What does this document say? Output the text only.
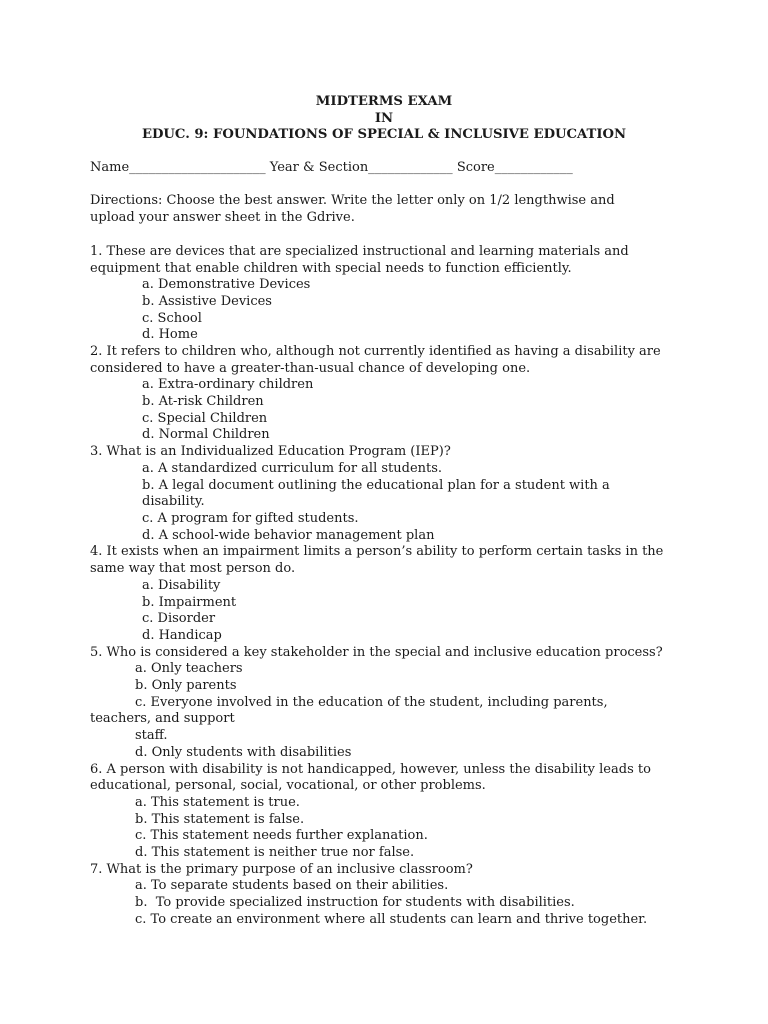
MIDTERMS EXAM
IN
EDUC. 9: FOUNDATIONS OF SPECIAL & INCLUSIVE EDUCATION
Name_____________________ Year & Section_____________ Score____________
Directions: Choose the best answer. Write the letter only on 1/2 lengthwise and
upload your answer sheet in the Gdrive.
1. These are devices that are specialized instructional and learning materials and
equipment that enable children with special needs to function efficiently.
a. Demonstrative Devices
b. Assistive Devices
c. School
d. Home
2. It refers to children who, although not currently identified as having a disability are
considered to have a greater-than-usual chance of developing one.
a. Extra-ordinary children
b. At-risk Children
c. Special Children
d. Normal Children
3. What is an Individualized Education Program (IEP)?
a. A standardized curriculum for all students.
b. A legal document outlining the educational plan for a student with a
disability.
c. A program for gifted students.
d. A school-wide behavior management plan
4. It exists when an impairment limits a person’s ability to perform certain tasks in the
same way that most person do.
a. Disability
b. Impairment
c. Disorder
d. Handicap
5. Who is considered a key stakeholder in the special and inclusive education process?
a. Only teachers
b. Only parents
c. Everyone involved in the education of the student, including parents,
teachers, and support
staff.
d. Only students with disabilities
6. A person with disability is not handicapped, however, unless the disability leads to
educational, personal, social, vocational, or other problems.
a. This statement is true.
b. This statement is false.
c. This statement needs further explanation.
d. This statement is neither true nor false.
7. What is the primary purpose of an inclusive classroom?
a. To separate students based on their abilities.
b.  To provide specialized instruction for students with disabilities.
c. To create an environment where all students can learn and thrive together.
